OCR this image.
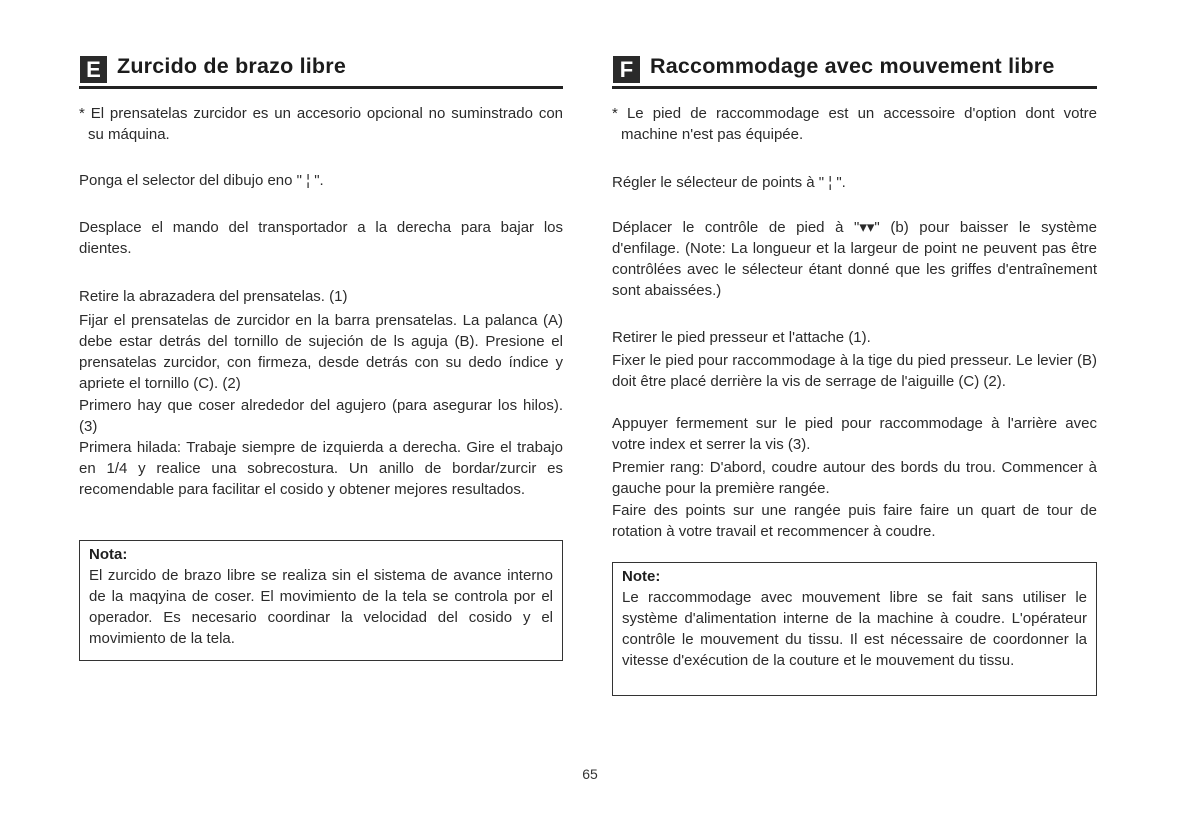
E Zurcido de brazo libre

* El prensatelas zurcidor es un accesorio opcional no suminstrado con su máquina.

Ponga el selector del dibujo eno " ¦ ".

Desplace el mando del transportador a la derecha para bajar los dientes.

Retire la abrazadera del prensatelas. (1)

Fijar el prensatelas de zurcidor en la barra prensatelas. La palanca (A) debe estar detrás del tornillo de sujeción de ls aguja (B). Presione el prensatelas zurcidor, con firmeza, desde detrás con su dedo índice y apriete el tornillo (C). (2)

Primero hay que coser alrededor del agujero (para asegurar los hilos). (3)

Primera hilada: Trabaje siempre de izquierda a derecha. Gire el trabajo en 1/4 y realice una sobrecostura. Un anillo de bordar/zurcir es recomendable para facilitar el cosido y obtener mejores resultados.

Nota:
El zurcido de brazo libre se realiza sin el sistema de avance interno de la maqyina de coser. El movimiento de la tela se controla por el operador. Es necesario coordinar la velocidad del cosido y el movimiento de la tela.
F Raccommodage avec mouvement libre

* Le pied de raccommodage est un accessoire d'option dont votre machine n'est pas équipée.

Régler le sélecteur de points à " ¦ ".

Déplacer le contrôle de pied à "▾▾" (b) pour baisser le système d'enfilage. (Note: La longueur et la largeur de point ne peuvent pas être contrôlées avec le sélecteur étant donné que les griffes d'entraînement sont abaissées.)

Retirer le pied presseur et l'attache (1).

Fixer le pied pour raccommodage à la tige du pied presseur. Le levier (B) doit être placé derrière la vis de serrage de l'aiguille (C) (2).

Appuyer fermement sur le pied pour raccommodage à l'arrière avec votre index et serrer la vis (3).

Premier rang: D'abord, coudre autour des bords du trou. Commencer à gauche pour la première rangée.

Faire des points sur une rangée puis faire faire un quart de tour de rotation à votre travail et recommencer à coudre.

Note:
Le raccommodage avec mouvement libre se fait sans utiliser le système d'alimentation interne de la machine à coudre. L'opérateur contrôle le mouvement du tissu. Il est nécessaire de coordonner la vitesse d'exécution de la couture et le mouvement du tissu.
65
